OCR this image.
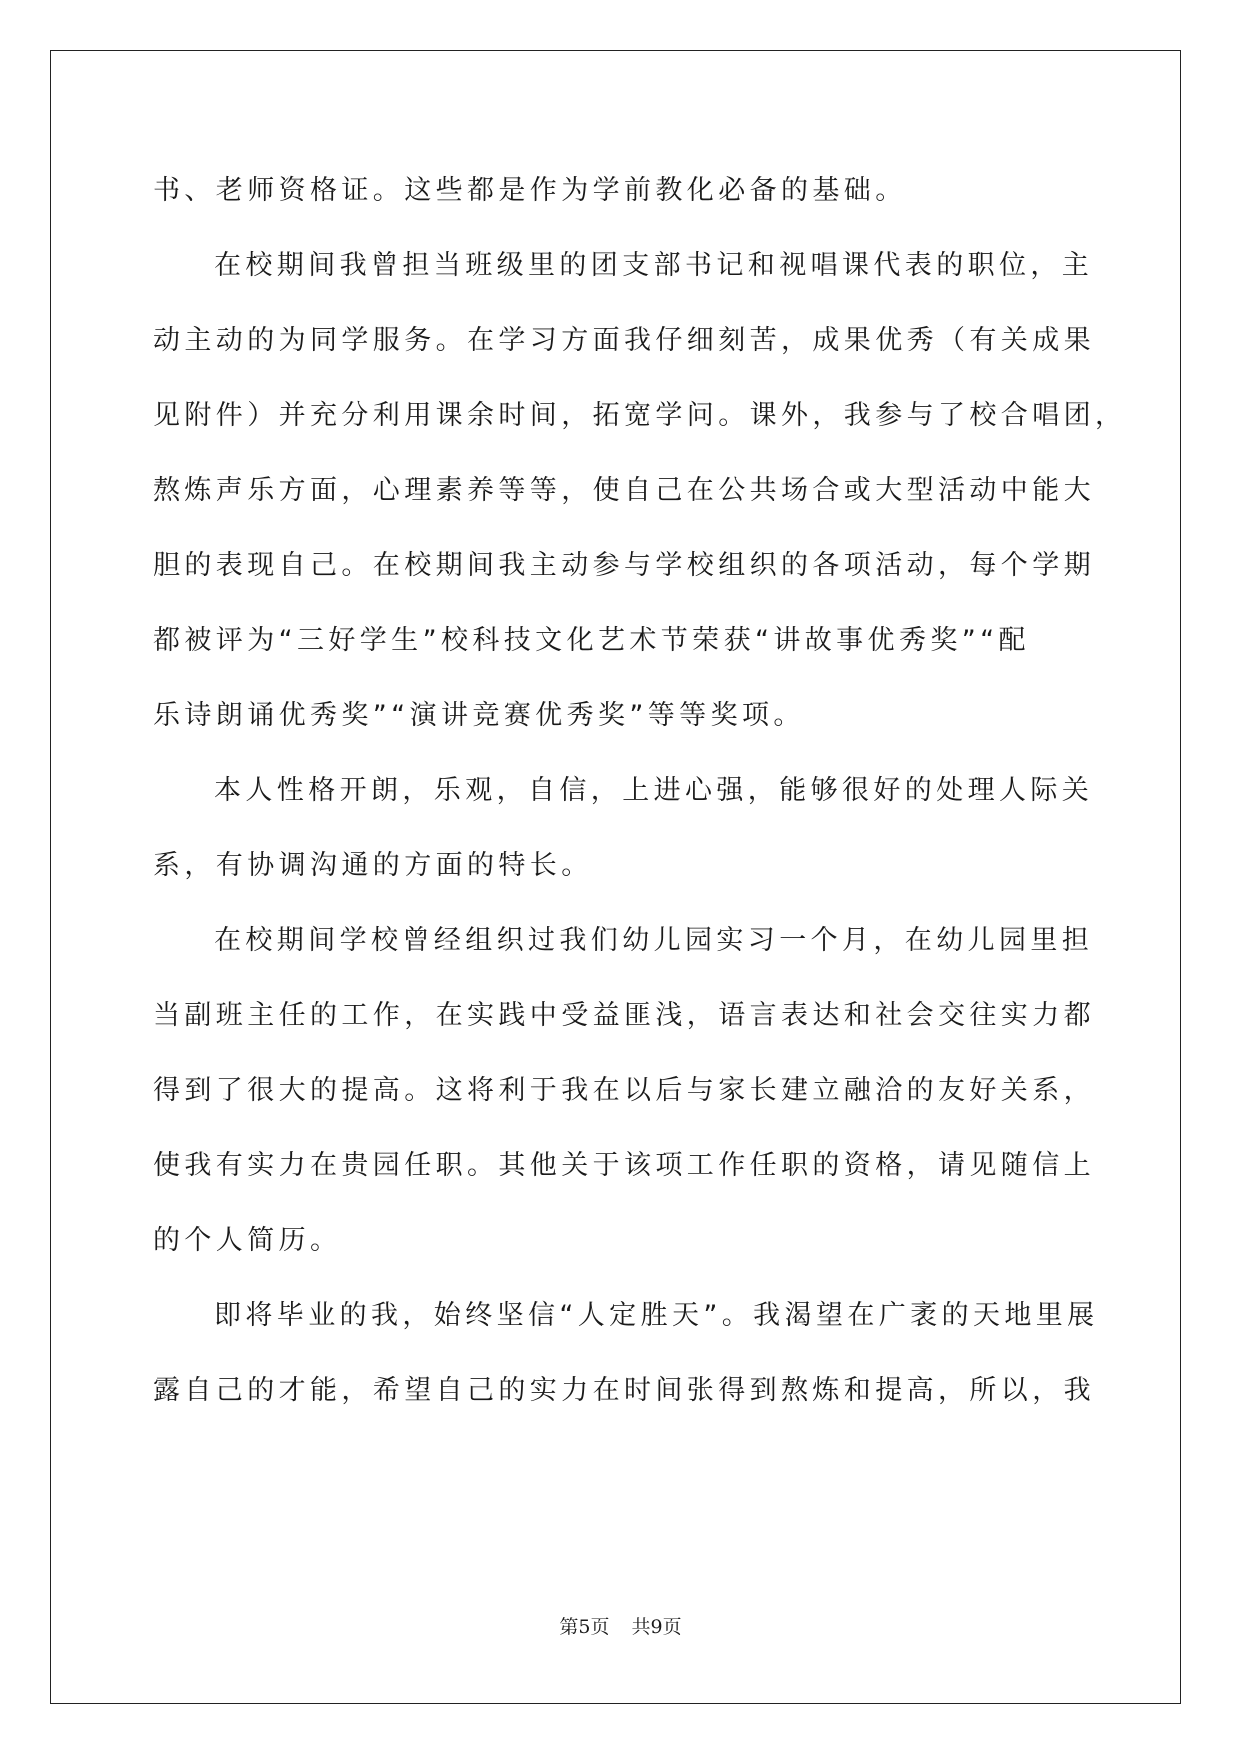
书、老师资格证。这些都是作为学前教化必备的基础。
在校期间我曾担当班级里的团支部书记和视唱课代表的职位，主
动主动的为同学服务。在学习方面我仔细刻苦，成果优秀（有关成果
见附件）并充分利用课余时间，拓宽学问。课外，我参与了校合唱团，
熬炼声乐方面，心理素养等等，使自己在公共场合或大型活动中能大
胆的表现自己。在校期间我主动参与学校组织的各项活动，每个学期
都被评为“三好学生”校科技文化艺术节荣获“讲故事优秀奖”“配
乐诗朗诵优秀奖”“演讲竞赛优秀奖”等等奖项。
本人性格开朗，乐观，自信，上进心强，能够很好的处理人际关
系，有协调沟通的方面的特长。
在校期间学校曾经组织过我们幼儿园实习一个月，在幼儿园里担
当副班主任的工作，在实践中受益匪浅，语言表达和社会交往实力都
得到了很大的提高。这将利于我在以后与家长建立融洽的友好关系，
使我有实力在贵园任职。其他关于该项工作任职的资格，请见随信上
的个人简历。
即将毕业的我，始终坚信“人定胜天”。我渴望在广袤的天地里展
露自己的才能，希望自己的实力在时间张得到熬炼和提高，所以，我
第5页 共9页
